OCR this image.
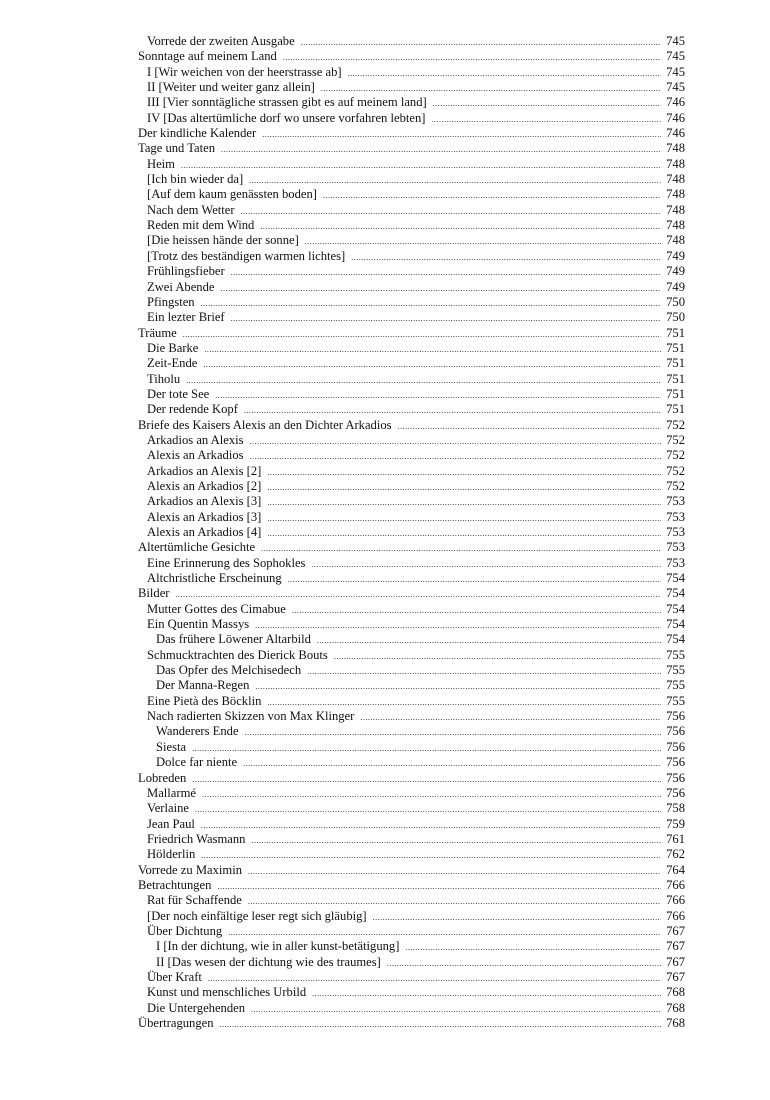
Vorrede der zweiten Ausgabe .....	745
Sonntage auf meinem Land .....	745
I [Wir weichen von der heerstrasse ab] .....	745
II [Weiter und weiter ganz allein] .....	745
III [Vier sonntägliche strassen gibt es auf meinem land] .....	746
IV [Das altertümliche dorf wo unsere vorfahren lebten] .....	746
Der kindliche Kalender .....	746
Tage und Taten .....	748
Heim .....	748
[Ich bin wieder da] .....	748
[Auf dem kaum genässten boden] .....	748
Nach dem Wetter .....	748
Reden mit dem Wind .....	748
[Die heissen hände der sonne] .....	748
[Trotz des beständigen warmen lichtes] .....	749
Frühlingsfieber .....	749
Zwei Abende .....	749
Pfingsten .....	750
Ein lezter Brief .....	750
Träume .....	751
Die Barke .....	751
Zeit-Ende .....	751
Tiholu .....	751
Der tote See .....	751
Der redende Kopf .....	751
Briefe des Kaisers Alexis an den Dichter Arkadios .....	752
Arkadios an Alexis .....	752
Alexis an Arkadios .....	752
Arkadios an Alexis [2] .....	752
Alexis an Arkadios [2] .....	752
Arkadios an Alexis [3] .....	753
Alexis an Arkadios [3] .....	753
Alexis an Arkadios [4] .....	753
Altertümliche Gesichte .....	753
Eine Erinnerung des Sophokles .....	753
Altchristliche Erscheinung .....	754
Bilder .....	754
Mutter Gottes des Cimabue .....	754
Ein Quentin Massys .....	754
Das frühere Löwener Altarbild .....	754
Schmucktrachten des Dierick Bouts .....	755
Das Opfer des Melchisedech .....	755
Der Manna-Regen .....	755
Eine Pietà des Böcklin .....	755
Nach radierten Skizzen von Max Klinger .....	756
Wanderers Ende .....	756
Siesta .....	756
Dolce far niente .....	756
Lobreden .....	756
Mallarmé .....	756
Verlaine .....	758
Jean Paul .....	759
Friedrich Wasmann .....	761
Hölderlin .....	762
Vorrede zu Maximin .....	764
Betrachtungen .....	766
Rat für Schaffende .....	766
[Der noch einfältige leser regt sich gläubig] .....	766
Über Dichtung .....	767
I [In der dichtung, wie in aller kunst-betätigung] .....	767
II [Das wesen der dichtung wie des traumes] .....	767
Über Kraft .....	767
Kunst und menschliches Urbild .....	768
Die Untergehenden .....	768
Übertragungen .....	768
